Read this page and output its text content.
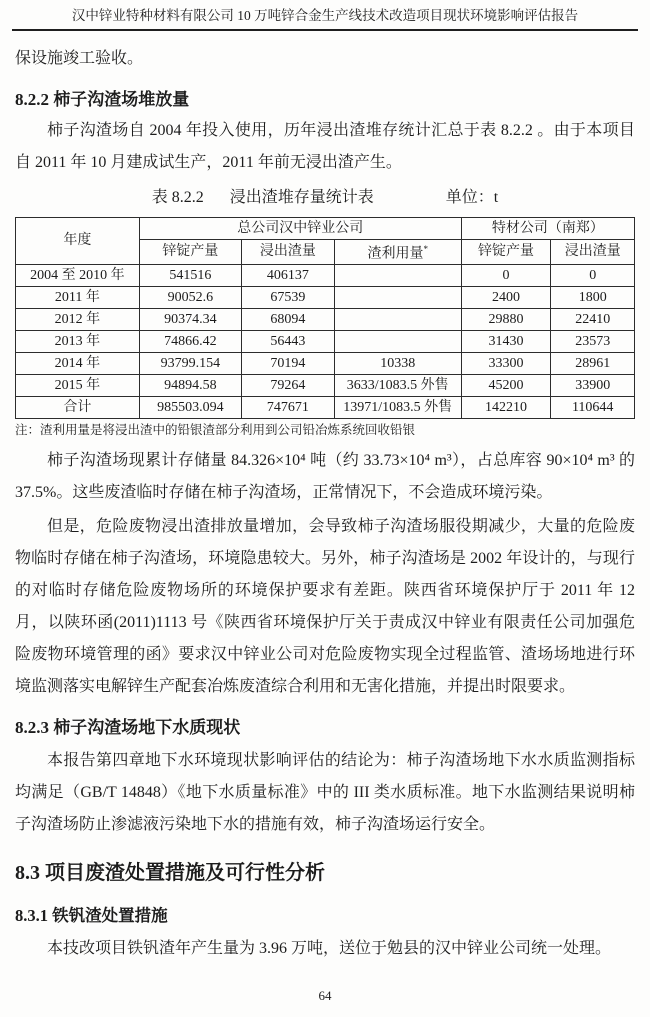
汉中锌业特种材料有限公司 10 万吨锌合金生产线技术改造项目现状环境影响评估报告

保设施竣工验收。

8.2.2 柿子沟渣场堆放量

柿子沟渣场自 2004 年投入使用，历年浸出渣堆存统计汇总于表 8.2.2 。由于本项目自 2011 年 10 月建成试生产，2011 年前无浸出渣产生。

表 8.2.2 浸出渣堆存量统计表	单位：t
年度	总公司汉中锌业公司			特材公司（南郑）	
	锌锭产量	浸出渣量	渣利用量*	锌锭产量	浸出渣量
2004 至 2010 年	541516	406137		0	0
2011 年	90052.6	67539		2400	1800
2012 年	90374.34	68094		29880	22410
2013 年	74866.42	56443		31430	23573
2014 年	93799.154	70194	10338	33300	28961
2015 年	94894.58	79264	3633/1083.5 外售	45200	33900
合计	985503.094	747671	13971/1083.5 外售	142210	110644
注：渣利用量是将浸出渣中的铅银渣部分利用到公司铅冶炼系统回收铅银

柿子沟渣场现累计存储量 84.326×10⁴ 吨（约 33.73×10⁴ m³），占总库容 90×10⁴ m³ 的 37.5%。这些废渣临时存储在柿子沟渣场，正常情况下，不会造成环境污染。

但是，危险废物浸出渣排放量增加，会导致柿子沟渣场服役期减少，大量的危险废物临时存储在柿子沟渣场，环境隐患较大。另外，柿子沟渣场是 2002 年设计的，与现行的对临时存储危险废物场所的环境保护要求有差距。陕西省环境保护厅于 2011 年 12 月，以陕环函(2011)1113 号《陕西省环境保护厅关于责成汉中锌业有限责任公司加强危险废物环境管理的函》要求汉中锌业公司对危险废物实现全过程监管、渣场场地进行环境监测落实电解锌生产配套冶炼废渣综合利用和无害化措施，并提出时限要求。

8.2.3 柿子沟渣场地下水质现状

本报告第四章地下水环境现状影响评估的结论为：柿子沟渣场地下水水质监测指标均满足（GB/T 14848）《地下水质量标准》中的 III 类水质标准。地下水监测结果说明柿子沟渣场防止渗滤液污染地下水的措施有效，柿子沟渣场运行安全。

8.3 项目废渣处置措施及可行性分析
8.3.1 铁钒渣处置措施

本技改项目铁钒渣年产生量为 3.96 万吨，送位于勉县的汉中锌业公司统一处理。

64
